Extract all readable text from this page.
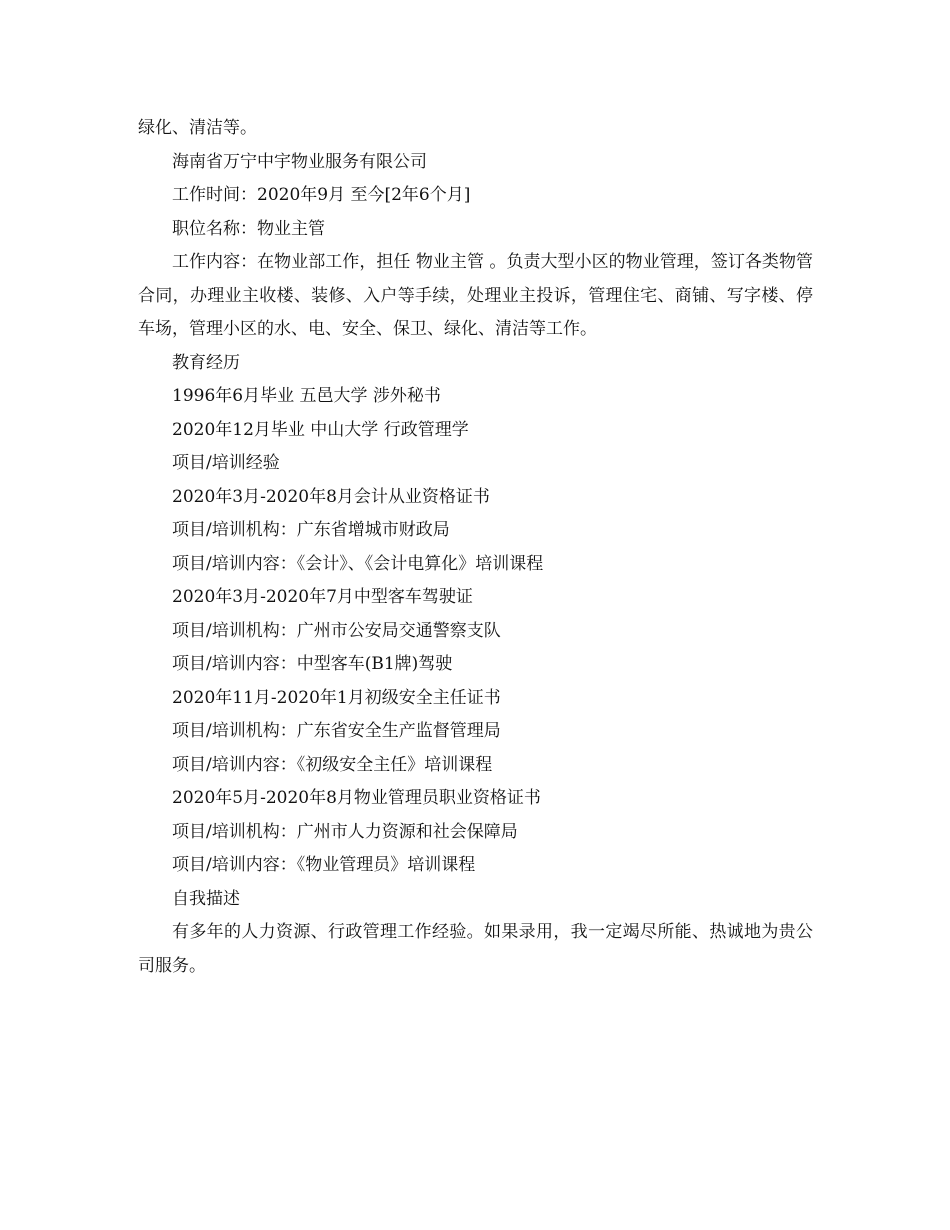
绿化、清洁等。

海南省万宁中宇物业服务有限公司

工作时间：2020年9月 至今[2年6个月]

职位名称：物业主管

工作内容：在物业部工作，担任 物业主管 。负责大型小区的物业管理，签订各类物管合同，办理业主收楼、装修、入户等手续，处理业主投诉，管理住宅、商铺、写字楼、停车场，管理小区的水、电、安全、保卫、绿化、清洁等工作。

教育经历

1996年6月毕业 五邑大学 涉外秘书

2020年12月毕业 中山大学 行政管理学

项目/培训经验

2020年3月-2020年8月会计从业资格证书

项目/培训机构：广东省增城市财政局

项目/培训内容：《会计》、《会计电算化》培训课程

2020年3月-2020年7月中型客车驾驶证

项目/培训机构：广州市公安局交通警察支队

项目/培训内容：中型客车(B1牌)驾驶

2020年11月-2020年1月初级安全主任证书

项目/培训机构：广东省安全生产监督管理局

项目/培训内容：《初级安全主任》培训课程

2020年5月-2020年8月物业管理员职业资格证书

项目/培训机构：广州市人力资源和社会保障局

项目/培训内容：《物业管理员》培训课程

自我描述

有多年的人力资源、行政管理工作经验。如果录用，我一定竭尽所能、热诚地为贵公司服务。
